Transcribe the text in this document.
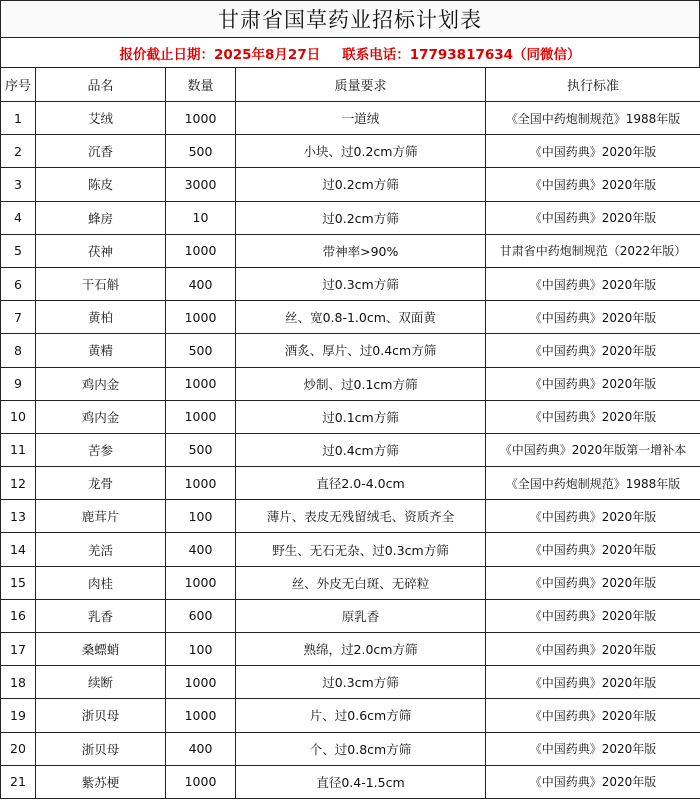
甘肃省国草药业招标计划表
报价截止日期：2025年8月27日 联系电话：17793817634（同微信）
序号	品名	数量	质量要求	执行标准
1	艾绒	1000	一道绒	《全国中药炮制规范》1988年版
2	沉香	500	小块、过0.2cm方筛	《中国药典》2020年版
3	陈皮	3000	过0.2cm方筛	《中国药典》2020年版
4	蜂房	10	过0.2cm方筛	《中国药典》2020年版
5	茯神	1000	带神率>90%	甘肃省中药炮制规范（2022年版）
6	干石斛	400	过0.3cm方筛	《中国药典》2020年版
7	黄柏	1000	丝、宽0.8-1.0cm、双面黄	《中国药典》2020年版
8	黄精	500	酒炙、厚片、过0.4cm方筛	《中国药典》2020年版
9	鸡内金	1000	炒制、过0.1cm方筛	《中国药典》2020年版
10	鸡内金	1000	过0.1cm方筛	《中国药典》2020年版
11	苦参	500	过0.4cm方筛	《中国药典》2020年版第一增补本
12	龙骨	1000	直径2.0-4.0cm	《全国中药炮制规范》1988年版
13	鹿茸片	100	薄片、表皮无残留绒毛、资质齐全	《中国药典》2020年版
14	羌活	400	野生、无石无杂、过0.3cm方筛	《中国药典》2020年版
15	肉桂	1000	丝、外皮无白斑、无碎粒	《中国药典》2020年版
16	乳香	600	原乳香	《中国药典》2020年版
17	桑螵蛸	100	熟绵，过2.0cm方筛	《中国药典》2020年版
18	续断	1000	过0.3cm方筛	《中国药典》2020年版
19	浙贝母	1000	片、过0.6cm方筛	《中国药典》2020年版
20	浙贝母	400	个、过0.8cm方筛	《中国药典》2020年版
21	紫苏梗	1000	直径0.4-1.5cm	《中国药典》2020年版
